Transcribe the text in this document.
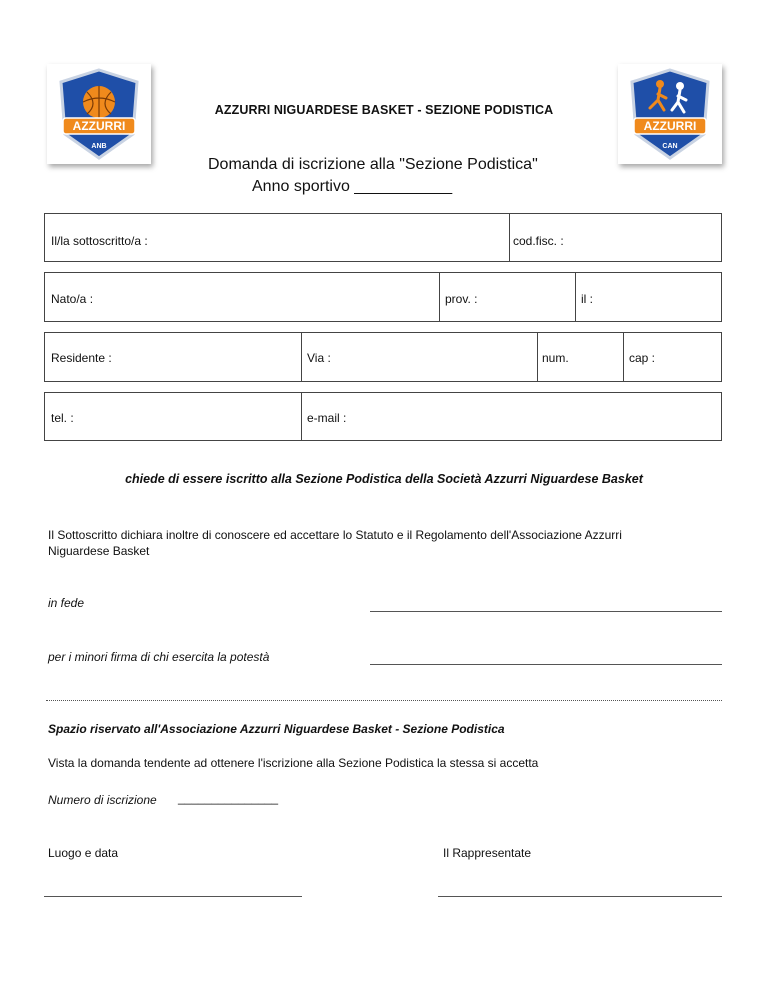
AZZURRI
ANB
AZZURRI
CAN
AZZURRI NIGUARDESE BASKET - SEZIONE PODISTICA
Domanda di iscrizione alla "Sezione Podistica"
Anno sportivo ___________
Il/la sottoscritto/a :	cod.fisc. :
Nato/a :	prov. :	il :
Residente :	Via :	num.	cap :
tel. :	e-mail :
chiede di essere iscritto alla Sezione Podistica della Società Azzurri Niguardese Basket
Il Sottoscritto dichiara inoltre di conoscere ed accettare lo Statuto e il Regolamento dell'Associazione Azzurri
Niguardese Basket
in fede
per i minori firma di chi esercita la potestà
Spazio riservato all'Associazione Azzurri Niguardese Basket - Sezione Podistica
Vista la domanda tendente ad ottenere l'iscrizione alla Sezione Podistica la stessa si accetta
Numero di iscrizione _______________
Luogo e data	Il Rappresentate
